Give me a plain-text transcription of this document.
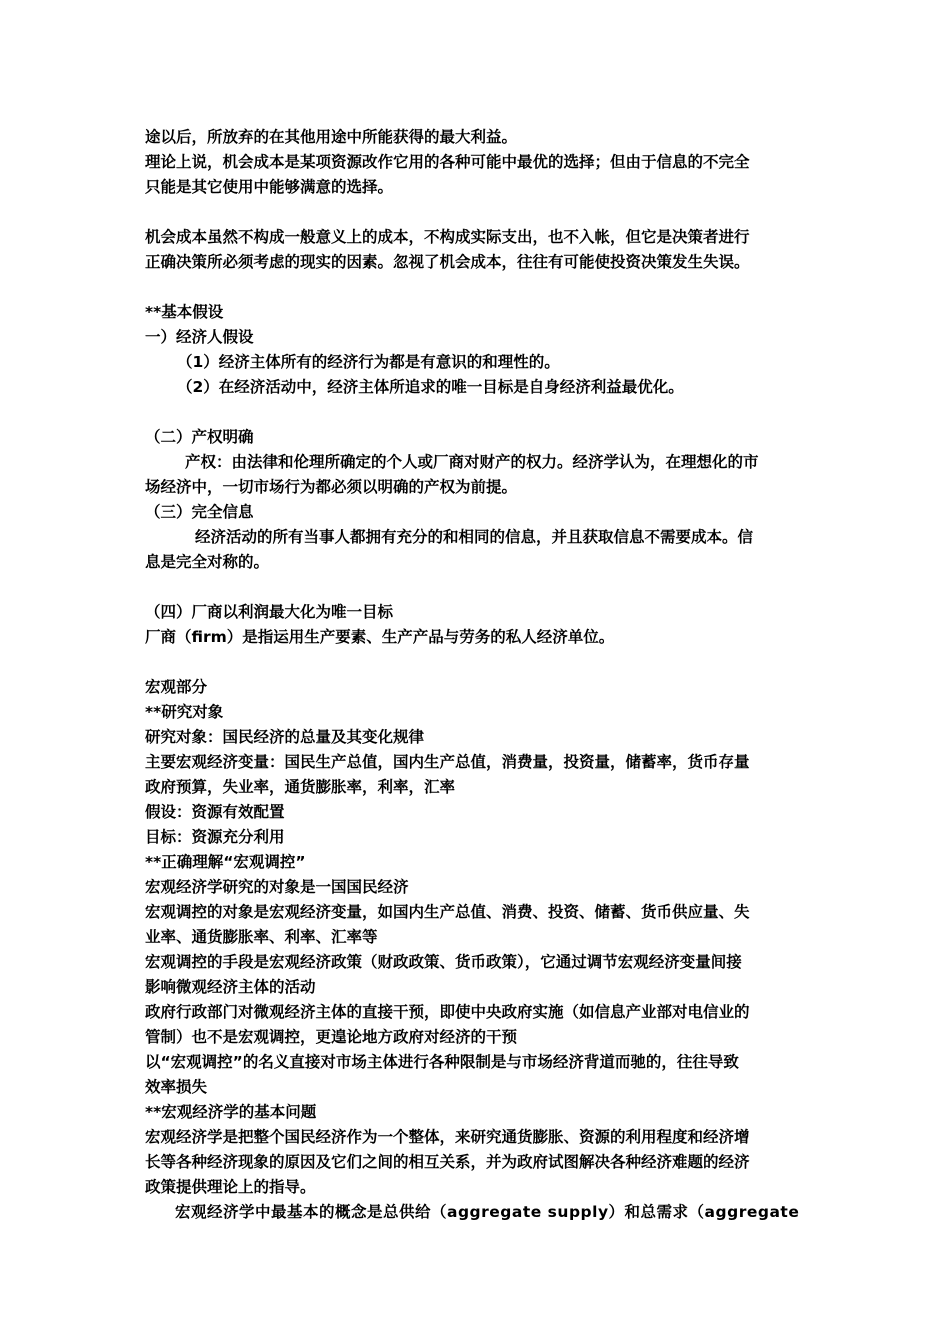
途以后，所放弃的在其他用途中所能获得的最大利益。
理论上说，机会成本是某项资源改作它用的各种可能中最优的选择；但由于信息的不完全
只能是其它使用中能够满意的选择。
机会成本虽然不构成一般意义上的成本，不构成实际支出，也不入帐，但它是决策者进行
正确决策所必须考虑的现实的因素。忽视了机会成本，往往有可能使投资决策发生失误。
**基本假设
一）经济人假设
（1）经济主体所有的经济行为都是有意识的和理性的。
（2）在经济活动中，经济主体所追求的唯一目标是自身经济利益最优化。
（二）产权明确
产权：由法律和伦理所确定的个人或厂商对财产的权力。经济学认为，在理想化的市
场经济中，一切市场行为都必须以明确的产权为前提。
（三）完全信息
经济活动的所有当事人都拥有充分的和相同的信息，并且获取信息不需要成本。信
息是完全对称的。
（四）厂商以利润最大化为唯一目标
厂商（firm）是指运用生产要素、生产产品与劳务的私人经济单位。
宏观部分
**研究对象
研究对象：国民经济的总量及其变化规律
主要宏观经济变量：国民生产总值，国内生产总值，消费量，投资量，储蓄率，货币存量
政府预算，失业率，通货膨胀率，利率，汇率
假设：资源有效配置
目标：资源充分利用
**正确理解“宏观调控”
宏观经济学研究的对象是一国国民经济
宏观调控的对象是宏观经济变量，如国内生产总值、消费、投资、储蓄、货币供应量、失
业率、通货膨胀率、利率、汇率等
宏观调控的手段是宏观经济政策（财政政策、货币政策），它通过调节宏观经济变量间接
影响微观经济主体的活动
政府行政部门对微观经济主体的直接干预，即使中央政府实施（如信息产业部对电信业的
管制）也不是宏观调控，更遑论地方政府对经济的干预
以“宏观调控”的名义直接对市场主体进行各种限制是与市场经济背道而驰的，往往导致
效率损失
**宏观经济学的基本问题
宏观经济学是把整个国民经济作为一个整体，来研究通货膨胀、资源的利用程度和经济增
长等各种经济现象的原因及它们之间的相互关系，并为政府试图解决各种经济难题的经济
政策提供理论上的指导。
宏观经济学中最基本的概念是总供给（aggregate supply）和总需求（aggregate
